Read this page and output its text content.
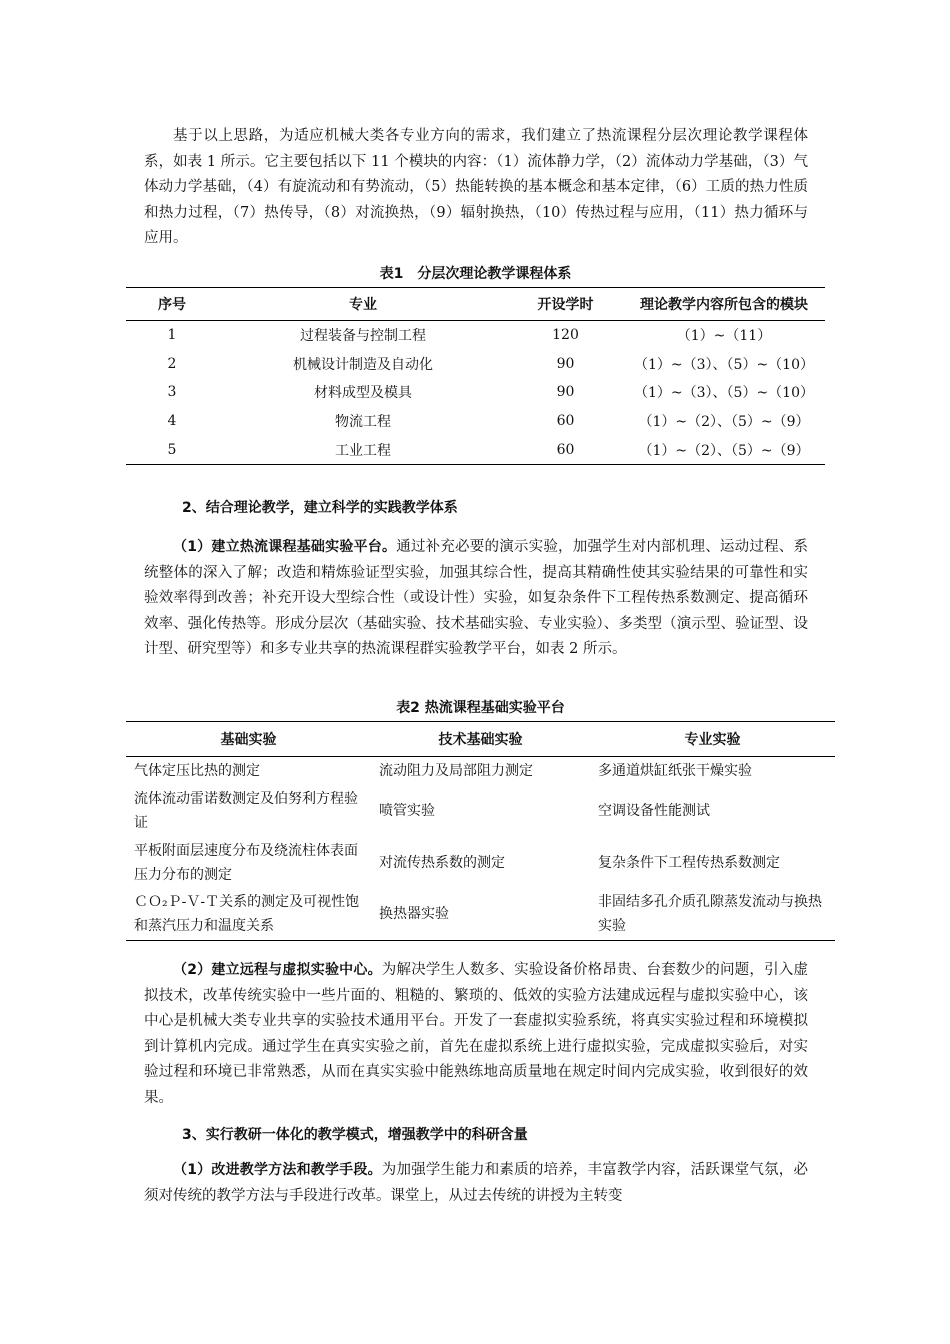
基于以上思路，为适应机械大类各专业方向的需求，我们建立了热流课程分层次理论教学课程体系，如表 1 所示。它主要包括以下 11 个模块的内容：（1）流体静力学，（2）流体动力学基础，（3）气体动力学基础，（4）有旋流动和有势流动，（5）热能转换的基本概念和基本定律，（6）工质的热力性质和热力过程，（7）热传导，（8）对流换热，（9）辐射换热，（10）传热过程与应用，（11）热力循环与应用。

表1　分层次理论教学课程体系
序号	专业	开设学时	理论教学内容所包含的模块
1	过程装备与控制工程	120	（1）~（11）
2	机械设计制造及自动化	90	（1）~（3）、（5）~（10）
3	材料成型及模具	90	（1）~（3）、（5）~（10）
4	物流工程	60	（1）~（2）、（5）~（9）
5	工业工程	60	（1）~（2）、（5）~（9）
2、结合理论教学，建立科学的实践教学体系

（1）建立热流课程基础实验平台。通过补充必要的演示实验，加强学生对内部机理、运动过程、系统整体的深入了解；改造和精炼验证型实验，加强其综合性，提高其精确性使其实验结果的可靠性和实验效率得到改善；补充开设大型综合性（或设计性）实验，如复杂条件下工程传热系数测定、提高循环效率、强化传热等。形成分层次（基础实验、技术基础实验、专业实验）、多类型（演示型、验证型、设计型、研究型等）和多专业共享的热流课程群实验教学平台，如表 2 所示。

表2 热流课程基础实验平台
基础实验	技术基础实验	专业实验
气体定压比热的测定	流动阻力及局部阻力测定	多通道烘缸纸张干燥实验
流体流动雷诺数测定及伯努利方程验证	喷管实验	空调设备性能测试
平板附面层速度分布及绕流柱体表面压力分布的测定	对流传热系数的测定	复杂条件下工程传热系数测定
ＣＯ₂Ｐ-Ｖ-Ｔ关系的测定及可视性饱和蒸汽压力和温度关系	换热器实验	非固结多孔介质孔隙蒸发流动与换热实验

（2）建立远程与虚拟实验中心。为解决学生人数多、实验设备价格昂贵、台套数少的问题，引入虚拟技术，改革传统实验中一些片面的、粗糙的、繁琐的、低效的实验方法建成远程与虚拟实验中心，该中心是机械大类专业共享的实验技术通用平台。开发了一套虚拟实验系统，将真实实验过程和环境模拟到计算机内完成。通过学生在真实实验之前，首先在虚拟系统上进行虚拟实验，完成虚拟实验后，对实验过程和环境已非常熟悉，从而在真实实验中能熟练地高质量地在规定时间内完成实验，收到很好的效果。

3、实行教研一体化的教学模式，增强教学中的科研含量

（1）改进教学方法和教学手段。为加强学生能力和素质的培养，丰富教学内容，活跃课堂气氛，必须对传统的教学方法与手段进行改革。课堂上，从过去传统的讲授为主转变
